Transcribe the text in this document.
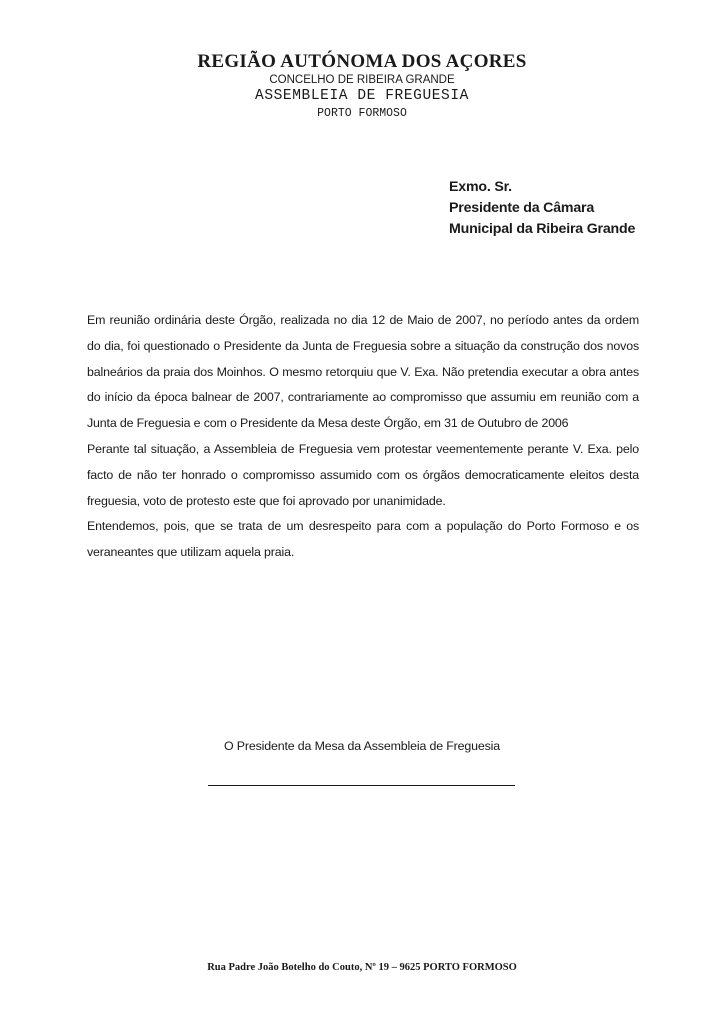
REGIÃO AUTÓNOMA DOS AÇORES
CONCELHO DE RIBEIRA GRANDE
ASSEMBLEIA DE FREGUESIA
PORTO FORMOSO
Exmo. Sr.
Presidente da Câmara
Municipal da Ribeira Grande

Em reunião ordinária deste Órgão, realizada no dia 12 de Maio de 2007, no período antes da ordem do dia, foi questionado o Presidente da Junta de Freguesia sobre a situação da construção dos novos balneários da praia dos Moinhos. O mesmo retorquiu que V. Exa. Não pretendia executar a obra antes do início da época balnear de 2007, contrariamente ao compromisso que assumiu em reunião com a Junta de Freguesia e com o Presidente da Mesa deste Órgão, em 31 de Outubro de 2006

Perante tal situação, a Assembleia de Freguesia vem protestar veementemente perante V. Exa. pelo facto de não ter honrado o compromisso assumido com os órgãos democraticamente eleitos desta freguesia, voto de protesto este que foi aprovado por unanimidade.

Entendemos, pois, que se trata de um desrespeito para com a população do Porto Formoso e os veraneantes que utilizam aquela praia.

O Presidente da Mesa da Assembleia de Freguesia
Rua Padre João Botelho do Couto, Nº 19 – 9625 PORTO FORMOSO
